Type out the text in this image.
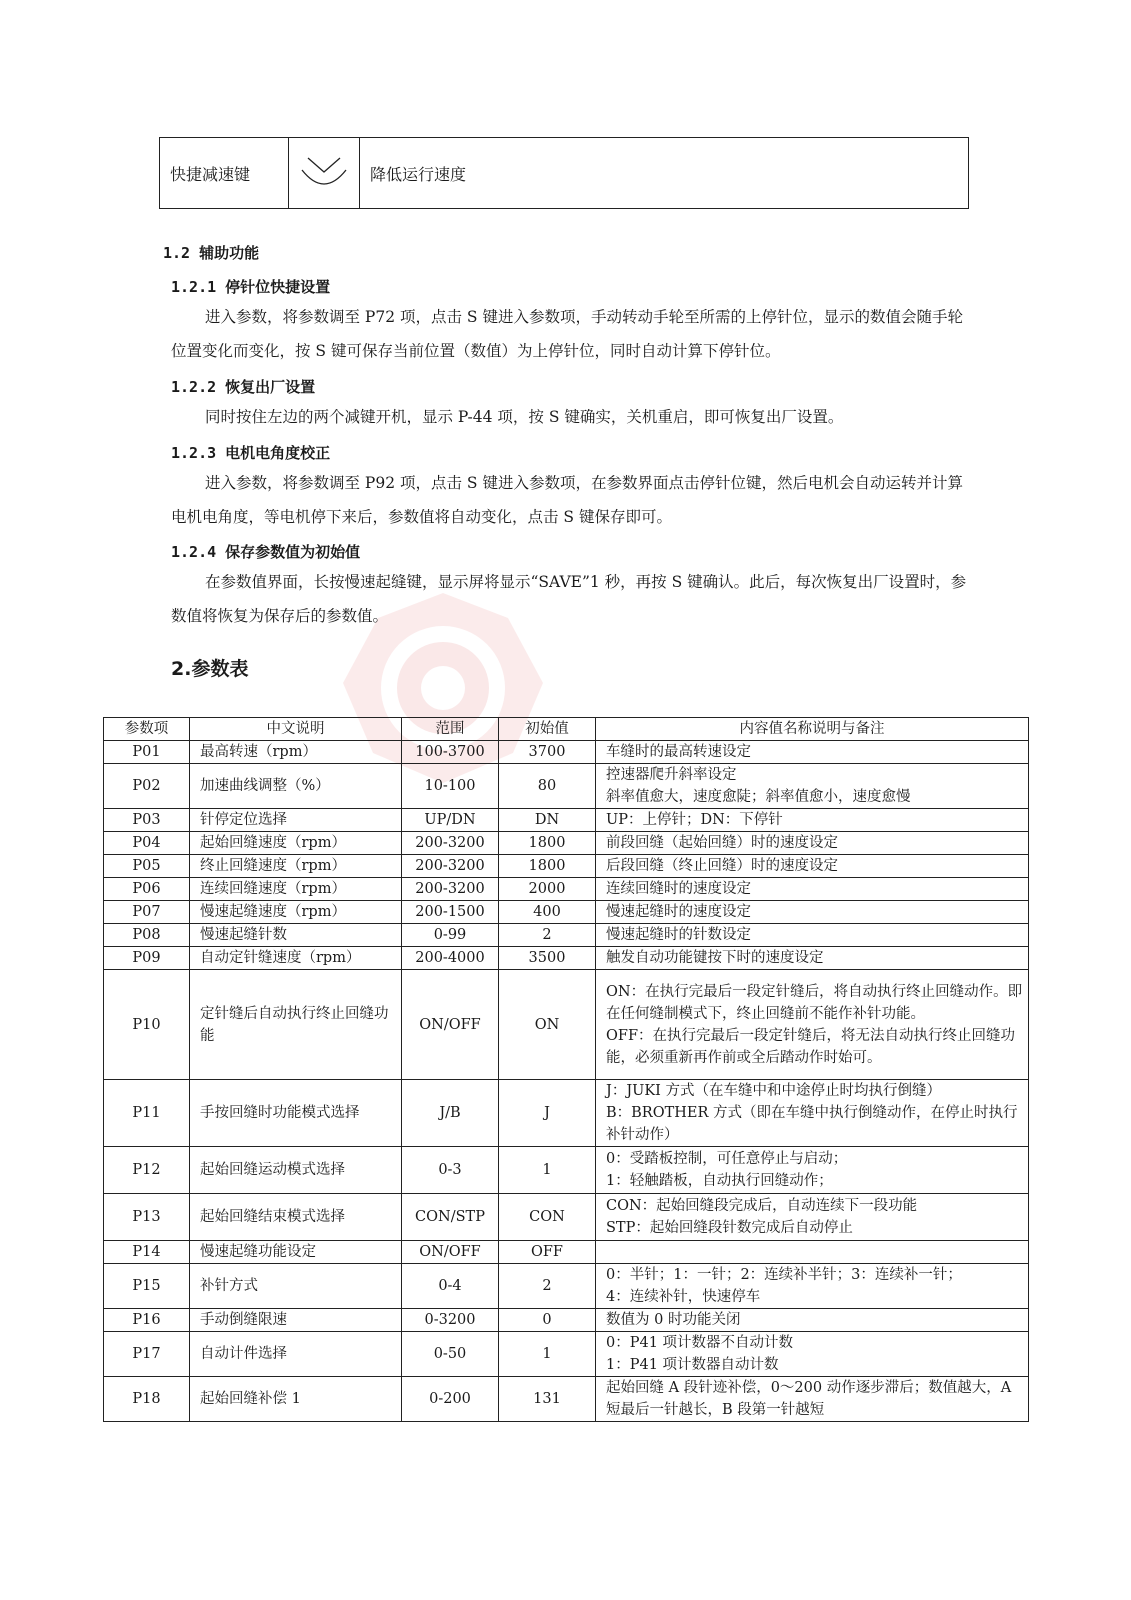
快捷减速键		降低运行速度
1.2 辅助功能
1.2.1 停针位快捷设置

进入参数，将参数调至 P72 项，点击 S 键进入参数项，手动转动手轮至所需的上停针位，显示的数值会随手轮位置变化而变化，按 S 键可保存当前位置（数值）为上停针位，同时自动计算下停针位。

1.2.2 恢复出厂设置

同时按住左边的两个减键开机，显示 P-44 项，按 S 键确实，关机重启，即可恢复出厂设置。

1.2.3 电机电角度校正

进入参数，将参数调至 P92 项，点击 S 键进入参数项，在参数界面点击停针位键，然后电机会自动运转并计算电机电角度，等电机停下来后，参数值将自动变化，点击 S 键保存即可。

1.2.4 保存参数值为初始值

在参数值界面，长按慢速起缝键，显示屏将显示“SAVE”1 秒，再按 S 键确认。此后，每次恢复出厂设置时，参数值将恢复为保存后的参数值。

2.参数表
参数项	中文说明	范围	初始值	内容值名称说明与备注
P01	最高转速（rpm）	100-3700	3700	车缝时的最高转速设定
P02	加速曲线调整（%）	10-100	80	控速器爬升斜率设定
斜率值愈大，速度愈陡；斜率值愈小，速度愈慢
P03	针停定位选择	UP/DN	DN	UP：上停针；DN：下停针
P04	起始回缝速度（rpm）	200-3200	1800	前段回缝（起始回缝）时的速度设定
P05	终止回缝速度（rpm）	200-3200	1800	后段回缝（终止回缝）时的速度设定
P06	连续回缝速度（rpm）	200-3200	2000	连续回缝时的速度设定
P07	慢速起缝速度（rpm）	200-1500	400	慢速起缝时的速度设定
P08	慢速起缝针数	0-99	2	慢速起缝时的针数设定
P09	自动定针缝速度（rpm）	200-4000	3500	触发自动功能键按下时的速度设定
P10	定针缝后自动执行终止回缝功能	ON/OFF	ON	ON：在执行完最后一段定针缝后，将自动执行终止回缝动作。即在任何缝制模式下，终止回缝前不能作补针功能。
OFF：在执行完最后一段定针缝后，将无法自动执行终止回缝功能，必须重新再作前或全后踏动作时始可。
P11	手按回缝时功能模式选择	J/B	J	J：JUKI 方式（在车缝中和中途停止时均执行倒缝）
B：BROTHER 方式（即在车缝中执行倒缝动作，在停止时执行补针动作）
P12	起始回缝运动模式选择	0-3	1	0：受踏板控制，可任意停止与启动；
1：轻触踏板，自动执行回缝动作；
P13	起始回缝结束模式选择	CON/STP	CON	CON：起始回缝段完成后，自动连续下一段功能
STP：起始回缝段针数完成后自动停止
P14	慢速起缝功能设定	ON/OFF	OFF	
P15	补针方式	0-4	2	0：半针；1：一针；2：连续补半针；3：连续补一针；
4：连续补针，快速停车
P16	手动倒缝限速	0-3200	0	数值为 0 时功能关闭
P17	自动计件选择	0-50	1	0：P41 项计数器不自动计数
1：P41 项计数器自动计数
P18	起始回缝补偿 1	0-200	131	起始回缝 A 段针迹补偿，0～200 动作逐步滞后；数值越大，A 短最后一针越长，B 段第一针越短
